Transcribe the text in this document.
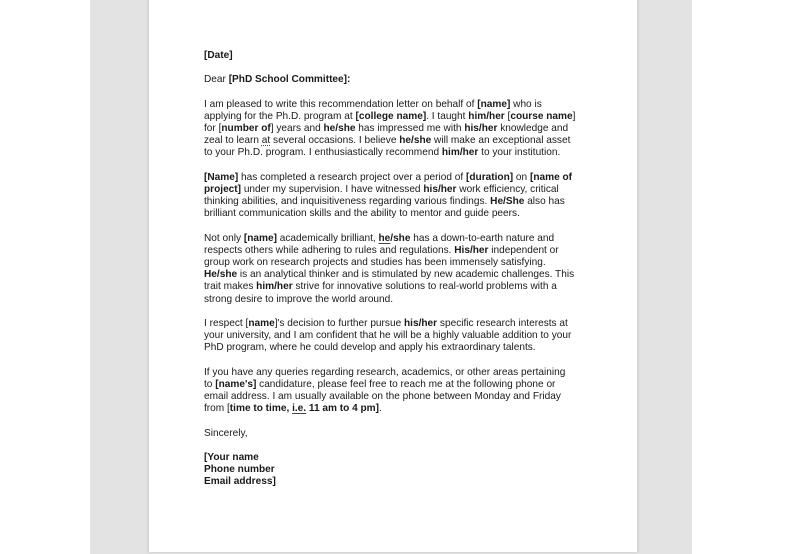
[Date]

Dear [PhD School Committee]:

I am pleased to write this recommendation letter on behalf of [name] who is applying for the Ph.D. program at [college name]. I taught him/her [course name] for [number of] years and he/she has impressed me with his/her knowledge and zeal to learn at several occasions. I believe he/she will make an exceptional asset to your Ph.D. program. I enthusiastically recommend him/her to your institution.

[Name] has completed a research project over a period of [duration] on [name of project] under my supervision. I have witnessed his/her work efficiency, critical thinking abilities, and inquisitiveness regarding various findings. He/She also has brilliant communication skills and the ability to mentor and guide peers.

Not only [name] academically brilliant, he/she has a down-to-earth nature and respects others while adhering to rules and regulations. His/her independent or group work on research projects and studies has been immensely satisfying. He/she is an analytical thinker and is stimulated by new academic challenges. This trait makes him/her strive for innovative solutions to real-world problems with a strong desire to improve the world around.

I respect [name]'s decision to further pursue his/her specific research interests at your university, and I am confident that he will be a highly valuable addition to your PhD program, where he could develop and apply his extraordinary talents.

If you have any queries regarding research, academics, or other areas pertaining to [name's] candidature, please feel free to reach me at the following phone or email address. I am usually available on the phone between Monday and Friday from [time to time, i.e. 11 am to 4 pm].

Sincerely,

[Your name
Phone number
Email address]
